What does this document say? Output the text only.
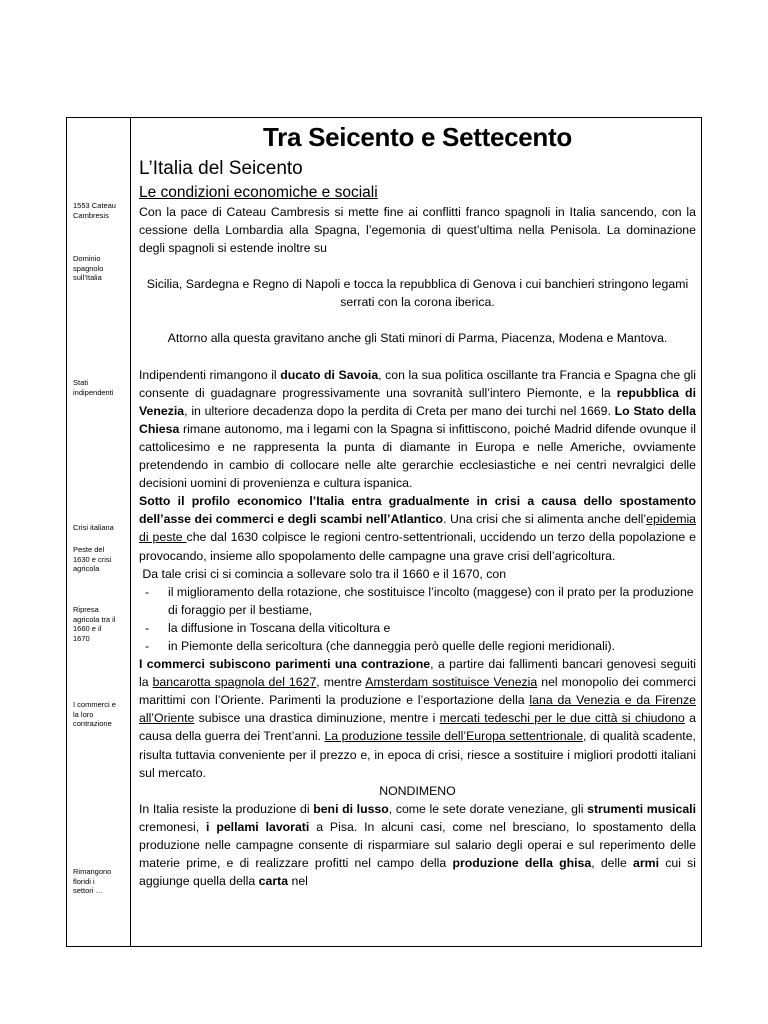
1553 Cateau
Cambresis
Dominio
spagnolo
sull’Italia
Stati
indipendenti
Crisi italiana
Peste del
1630 e crisi
agricola
Ripresa
agricola tra il
1660 e il
1670
I commerci e
la loro
contrazione
Rimangono
floridi i
settori …
Tra Seicento e Settecento
L’Italia del Seicento
Le condizioni economiche e sociali

Con la pace di Cateau Cambresis si mette fine ai conflitti franco spagnoli in Italia sancendo, con la cessione della Lombardia alla Spagna, l’egemonia di quest’ultima nella Penisola. La dominazione degli spagnoli si estende inoltre su

Sicilia, Sardegna e Regno di Napoli e tocca la repubblica di Genova i cui banchieri stringono legami serrati con la corona iberica.

Attorno alla questa gravitano anche gli Stati minori di Parma, Piacenza, Modena e Mantova.

Indipendenti rimangono il ducato di Savoia, con la sua politica oscillante tra Francia e Spagna che gli consente di guadagnare progressivamente una sovranità sull’intero Piemonte, e la repubblica di Venezia, in ulteriore decadenza dopo la perdita di Creta per mano dei turchi nel 1669. Lo Stato della Chiesa rimane autonomo, ma i legami con la Spagna si infittiscono, poiché Madrid difende ovunque il cattolicesimo e ne rappresenta la punta di diamante in Europa e nelle Americhe, ovviamente pretendendo in cambio di collocare nelle alte gerarchie ecclesiastiche e nei centri nevralgici delle decisioni uomini di provenienza e cultura ispanica.

Sotto il profilo economico l’Italia entra gradualmente in crisi a causa dello spostamento dell’asse dei commerci e degli scambi nell’Atlantico. Una crisi che si alimenta anche dell’epidemia di peste che dal 1630 colpisce le regioni centro-settentrionali, uccidendo un terzo della popolazione e provocando, insieme allo spopolamento delle campagne una grave crisi dell’agricoltura.

Da tale crisi ci si comincia a sollevare solo tra il 1660 e il 1670, con

- il miglioramento della rotazione, che sostituisce l’incolto (maggese) con il prato per la produzione di foraggio per il bestiame,
- la diffusione in Toscana della viticoltura e
- in Piemonte della sericoltura (che danneggia però quelle delle regioni meridionali).

I commerci subiscono parimenti una contrazione, a partire dai fallimenti bancari genovesi seguiti la bancarotta spagnola del 1627, mentre Amsterdam sostituisce Venezia nel monopolio dei commerci marittimi con l’Oriente. Parimenti la produzione e l’esportazione della lana da Venezia e da Firenze all’Oriente subisce una drastica diminuzione, mentre i mercati tedeschi per le due città si chiudono a causa della guerra dei Trent’anni. La produzione tessile dell’Europa settentrionale, di qualità scadente, risulta tuttavia conveniente per il prezzo e, in epoca di crisi, riesce a sostituire i migliori prodotti italiani sul mercato.

NONDIMENO

In Italia resiste la produzione di beni di lusso, come le sete dorate veneziane, gli strumenti musicali cremonesi, i pellami lavorati a Pisa. In alcuni casi, come nel bresciano, lo spostamento della produzione nelle campagne consente di risparmiare sul salario degli operai e sul reperimento delle materie prime, e di realizzare profitti nel campo della produzione della ghisa, delle armi cui si aggiunge quella della carta nel
